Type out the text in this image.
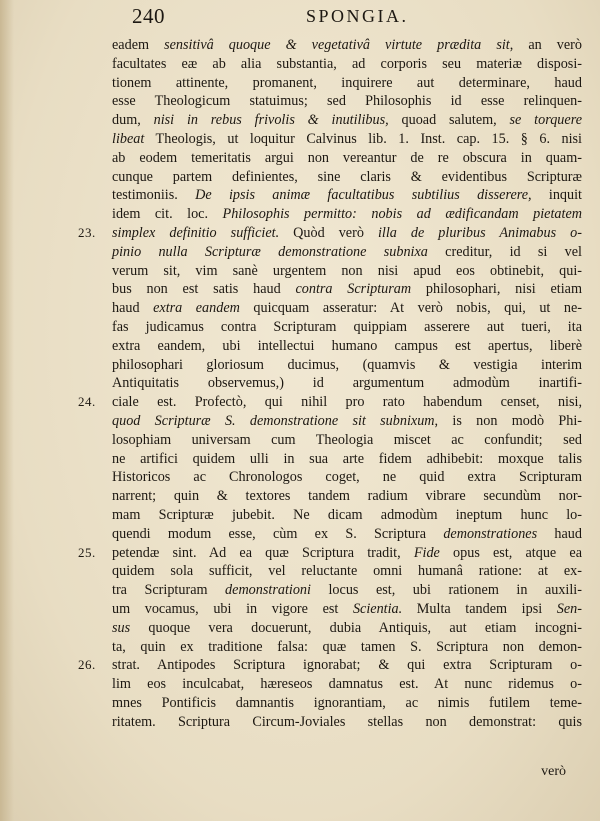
240	SPONGIA.
eadem sensitivâ quoque & vegetativâ virtute prædita sit, an verò
facultates eæ ab alia substantia, ad corporis seu materiæ disposi-
tionem attinente, promanent, inquirere aut determinare, haud
esse Theologicum statuimus; sed Philosophis id esse relinquen-
dum, nisi in rebus frivolis & inutilibus, quoad salutem, se torquere
libeat Theologis, ut loquitur Calvinus lib. 1. Inst. cap. 15. § 6. nisi
ab eodem temeritatis argui non vereantur de re obscura in quam-
cunque partem definientes, sine claris & evidentibus Scripturæ
testimoniis. De ipsis animæ facultatibus subtilius disserere, inquit
idem cit. loc. Philosophis permitto: nobis ad ædificandam pietatem
23. simplex definitio sufficiet. Quòd verò illa de pluribus Animabus o-
pinio nulla Scripturæ demonstratione subnixa creditur, id si vel
verum sit, vim sanè urgentem non nisi apud eos obtinebit, qui-
bus non est satis haud contra Scripturam philosophari, nisi etiam
haud extra eandem quicquam asseratur: At verò nobis, qui, ut ne-
fas judicamus contra Scripturam quippiam asserere aut tueri, ita
extra eandem, ubi intellectui humano campus est apertus, liberè
philosophari gloriosum ducimus, (quamvis & vestigia interim
Antiquitatis observemus,) id argumentum admodùm inartifi-
24. ciale est. Profectò, qui nihil pro rato habendum censet, nisi,
quod Scripturæ S. demonstratione sit subnixum, is non modò Phi-
losophiam universam cum Theologia miscet ac confundit; sed
ne artifici quidem ulli in sua arte fidem adhibebit: moxque talis
Historicos ac Chronologos coget, ne quid extra Scripturam
narrent; quin & textores tandem radium vibrare secundùm nor-
mam Scripturæ jubebit. Ne dicam admodùm ineptum hunc lo-
quendi modum esse, cùm ex S. Scriptura demonstrationes haud
25. petendæ sint. Ad ea quæ Scriptura tradit, Fide opus est, atque ea
quidem sola sufficit, vel reluctante omni humanâ ratione: at ex-
tra Scripturam demonstrationi locus est, ubi rationem in auxili-
um vocamus, ubi in vigore est Scientia. Multa tandem ipsi Sen-
sus quoque vera docuerunt, dubia Antiquis, aut etiam incogni-
ta, quin ex traditione falsa: quæ tamen S. Scriptura non demon-
26. strat. Antipodes Scriptura ignorabat; & qui extra Scripturam o-
lim eos inculcabat, hæreseos damnatus est. At nunc ridemus o-
mnes Pontificis damnantis ignorantiam, ac nimis futilem teme-
ritatem. Scriptura Circum-Joviales stellas non demonstrat: quis
verò
